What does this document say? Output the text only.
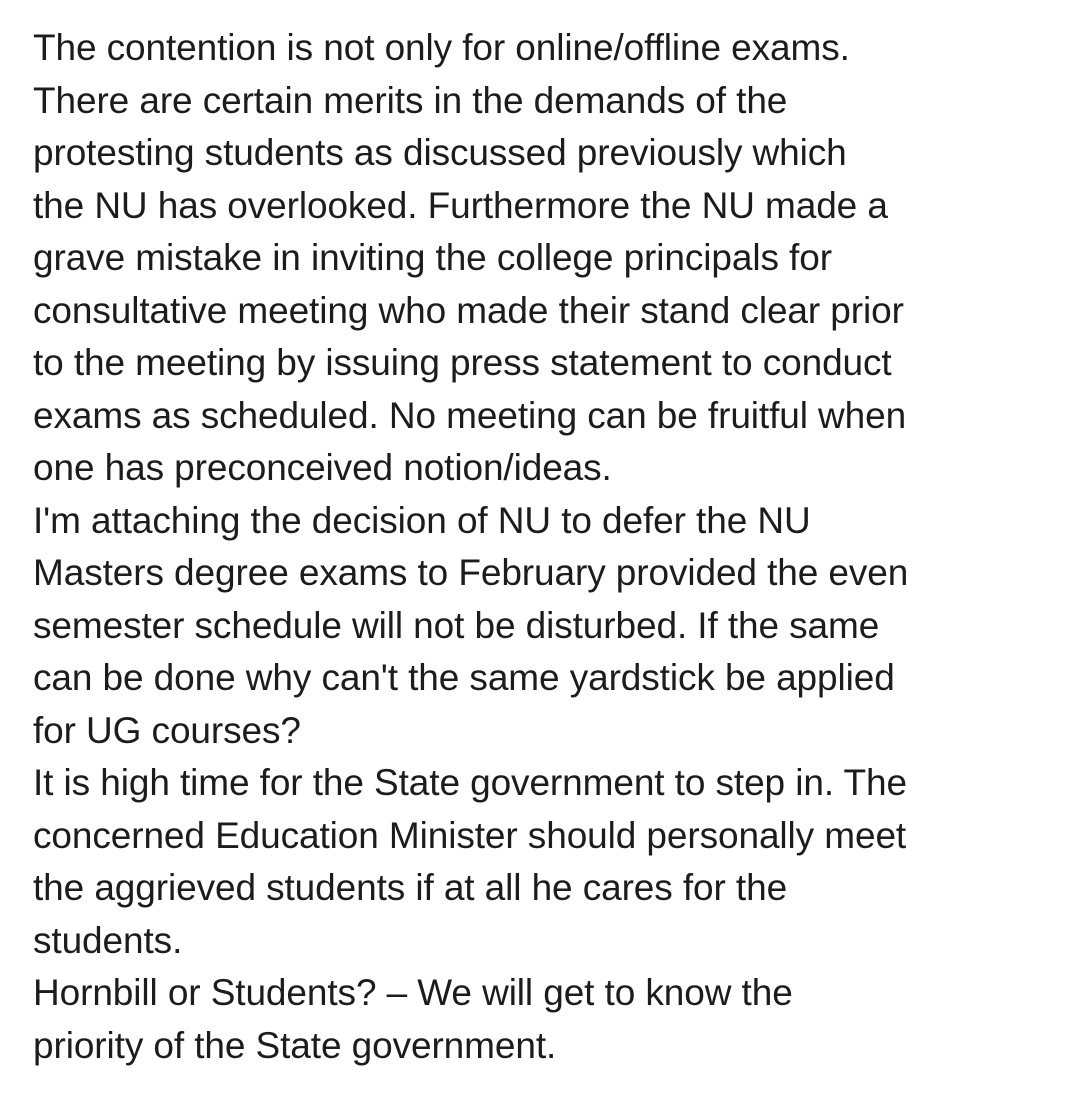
The contention is not only for online/offline exams.
There are certain merits in the demands of the
protesting students as discussed previously which
the NU has overlooked. Furthermore the NU made a
grave mistake in inviting the college principals for
consultative meeting who made their stand clear prior
to the meeting by issuing press statement to conduct
exams as scheduled. No meeting can be fruitful when
one has preconceived notion/ideas.
I'm attaching the decision of NU to defer the NU
Masters degree exams to February provided the even
semester schedule will not be disturbed. If the same
can be done why can't the same yardstick be applied
for UG courses?
It is high time for the State government to step in. The
concerned Education Minister should personally meet
the aggrieved students if at all he cares for the
students.
Hornbill or Students? – We will get to know the
priority of the State government.
